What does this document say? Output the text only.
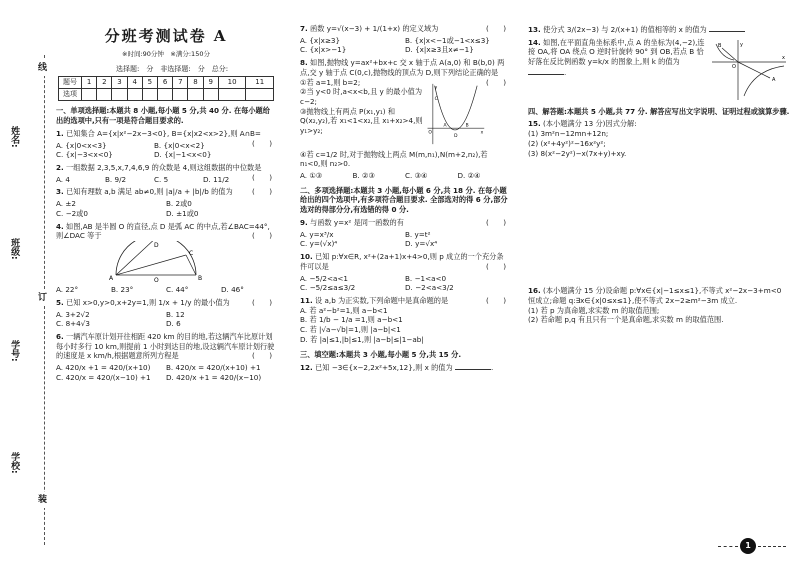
姓名:
班级:
学号:
学校:
线
订
装
分班考测试卷 A
※时间:90分钟　※满分:150分
选择题:　分　非选择题:　分　总分:
题号	1	2	3	4	5	6	7	8	9	10	11
选项											
一、单项选择题:本题共 8 小题,每小题 5 分,共 40 分. 在每小题给出的选项中,只有一项是符合题目要求的.
1. 已知集合 A={x|x²−2x−3<0}, B={x|x2<x>2},则 A∩B=
(　　)
A. {x|0<x<3}	B. {x|0<x<2}
C. {x|−3<x<0}	D. {x|−1<x<0}
2. 一组数据 2,3,5,x,7,4,6,9 的众数是 4,则这组数据的中位数是
(　　)
A. 4	B. 9/2	C. 5	D. 11/2
3. 已知有理数 a,b 满足 ab≠0,则 |a|/a + |b|/b 的值为	(　　)
A. ±2	B. 2或0
C. −2或0	D. ±1或0
4. 如图,AB 是半圆 O 的直径,点 D 是弧 AC 的中点,若∠BAC=44°,则∠DAC 等于	(　　)
A	O	B
C
D
A. 22°	B. 23°	C. 44°	D. 46°
5. 已知 x>0,y>0,x+2y=1,则 1/x + 1/y 的最小值为	(　　)
A. 3+2√2	B. 12
C. 8+4√3	D. 6
6. 一辆汽车原计划开往相距 420 km 的目的地,若这辆汽车比原计划每小时多行 10 km,则提前 1 小时到达目的地,设这辆汽车原计划行驶的速度是 x km/h,根据题意所列方程是	(　　)
A. 420/x +1 = 420/(x+10)	B. 420/x = 420/(x+10) +1
C. 420/x = 420/(x−10) +1	D. 420/x +1 = 420/(x−10)
7. 函数 y=√(x−3) + 1/(1+x) 的定义域为	(　　)
A. {x|x≥3}	B. {x|x<−1或−1<x≤3}
C. {x|x>−1}	D. {x|x≥3且x≠−1}
8. 如图,抛物线 y=ax²+bx+c 交 x 轴于点 A(a,0) 和 B(b,0) 两点,交 y 轴于点 C(0,c),抛物线的顶点为 D,则下列结论正确的是
(　　)
①若 a=1,则 b=2;
②当 y<0 时,a<x<b,且 y 的最小值为 c−2;
③抛物线上有两点 P(x₁,y₁) 和 Q(x₂,y₂),若 x₁<1<x₂,且 x₁+x₂>4,则 y₁>y₂;	O
A	B
C
D
x
y
④若 c=1/2 时,对于抛物线上两点 M(m,n₁),N(m+2,n₂),若 n₁<0,则 n₂>0.
A. ①③	B. ②③	C. ③④	D. ②④
二、多项选择题:本题共 3 小题,每小题 6 分,共 18 分. 在每小题给出的四个选项中,有多项符合题目要求. 全部选对的得 6 分,部分选对的得部分分,有选错的得 0 分.
9. 与函数 y=x² 是同一函数的有	(　　)
A. y=x³/x	B. y=t²
C. y=(√x)⁴	D. y=√x⁴
10. 已知 p:∀x∈R, x²+(2a+1)x+4>0,则 p 成立的一个充分条件可以是	(　　)
A. −5/2<a<1	B. −1<a<0
C. −5/2≤a≤3/2	D. −2<a<3/2
11. 设 a,b 为正实数,下列命题中是真命题的是	(　　)
A. 若 a²−b²=1,则 a−b<1
B. 若 1/b − 1/a =1,则 a−b<1
C. 若 |√a−√b|=1,则 |a−b|<1
D. 若 |a|≤1,|b|≤1,则 |a−b|≤|1−ab|
三、填空题:本题共 3 小题,每小题 5 分,共 15 分.
12. 已知 −3∈{x−2,2x²+5x,12},则 x 的值为	.
13. 使分式 3/(2x−3) 与 2/(x+1) 的值相等的 x 的值为
14. 如图,在平面直角坐标系中,点 A 的坐标为(4,−2),连接 OA,将 OA 绕点 O 逆时针旋转 90° 到 OB,若点 B 恰好落在反比例函数 y=k/x 的图象上,则 k 的值为 .
y
B
O
x
A
四、解答题:本题共 5 小题,共 77 分. 解答应写出文字说明、证明过程或演算步骤.
15. (本小题满分 13 分)因式分解:
(1) 3m²n−12mn+12n;
(2) (x²+4y²)²−16x²y²;
(3) 8(x²−2y²)−x(7x+y)+xy.
16. (本小题满分 15 分)设命题 p:∀x∈{x|−1≤x≤1},不等式 x²−2x−3+m<0 恒成立;命题 q:∃x∈{x|0≤x≤1},使不等式 2x−2≥m²−3m 成立.
(1) 若 p 为真命题,求实数 m 的取值范围;
(2) 若命题 p,q 有且只有一个是真命题,求实数 m 的取值范围.
1
